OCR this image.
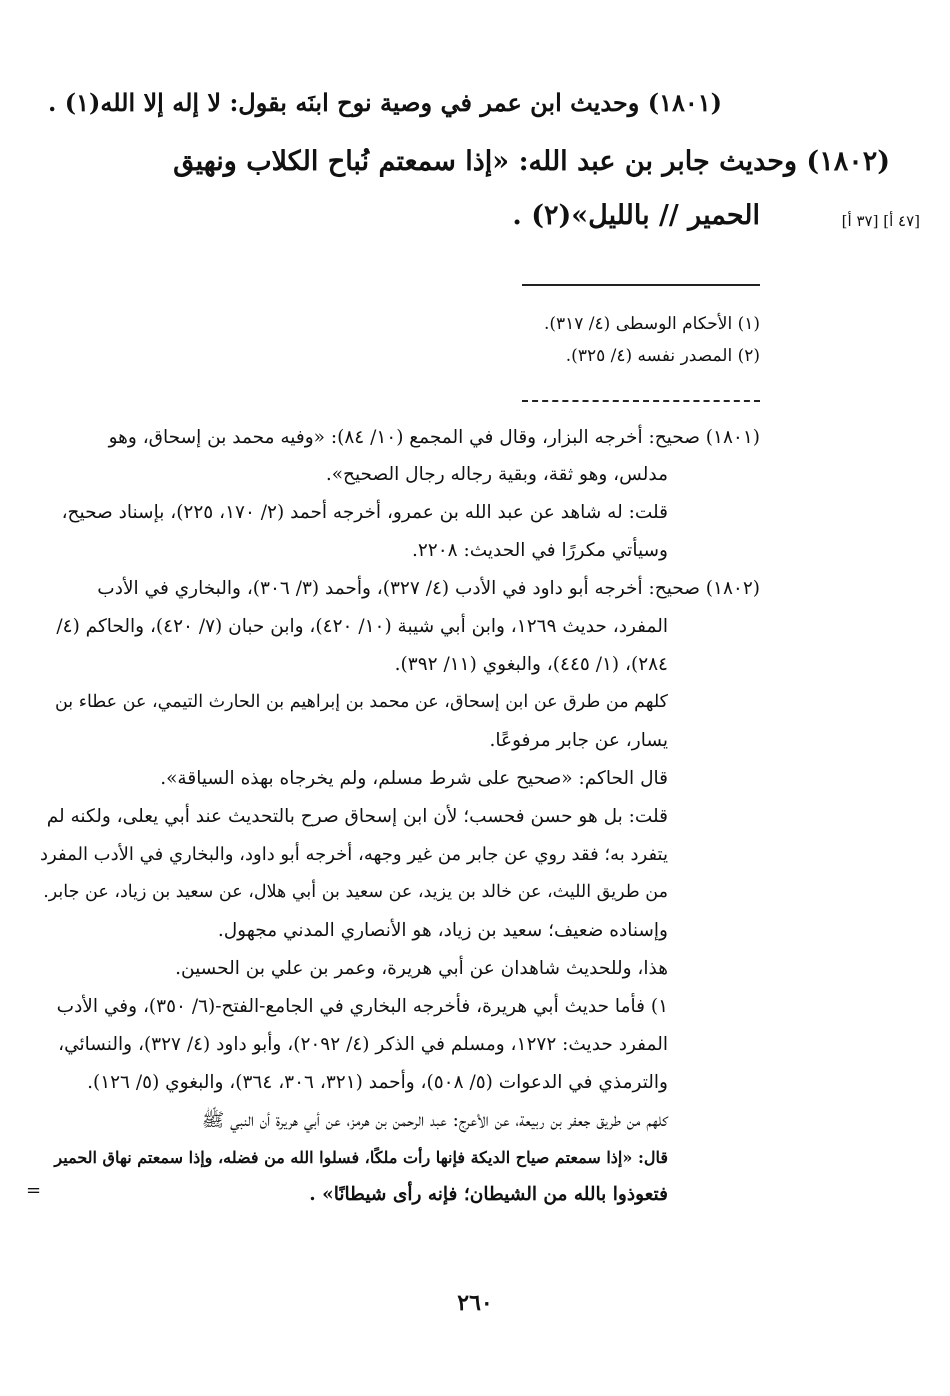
(١٨٠١) وحديث ابن عمر في وصية نوح ابنَه بقول: لا إله إلا الله(١) .
(١٨٠٢) وحديث جابر بن عبد الله: «إذا سمعتم نُباح الكلاب ونهيق
الحمير // بالليل»(٢) .	[٤٧ أ] [٣٧ أ]
(١) الأحكام الوسطى (٤/ ٣١٧).
(٢) المصدر نفسه (٤/ ٣٢٥).
(١٨٠١) صحيح: أخرجه البزار، وقال في المجمع (١٠/ ٨٤): «وفيه محمد بن إسحاق، وهو
مدلس، وهو ثقة، وبقية رجاله رجال الصحيح».
قلت: له شاهد عن عبد الله بن عمرو، أخرجه أحمد (٢/ ١٧٠، ٢٢٥)، بإسناد صحيح،
وسيأتي مكررًا في الحديث: ٢٢٠٨.
(١٨٠٢) صحيح: أخرجه أبو داود في الأدب (٤/ ٣٢٧)، وأحمد (٣/ ٣٠٦)، والبخاري في الأدب
المفرد، حديث ١٢٦٩، وابن أبي شيبة (١٠/ ٤٢٠)، وابن حبان (٧/ ٤٢٠)، والحاكم (٤/
٢٨٤)، (١/ ٤٤٥)، والبغوي (١١/ ٣٩٢).
كلهم من طرق عن ابن إسحاق، عن محمد بن إبراهيم بن الحارث التيمي، عن عطاء بن
يسار، عن جابر مرفوعًا.
قال الحاكم: «صحيح على شرط مسلم، ولم يخرجاه بهذه السياقة».
قلت: بل هو حسن فحسب؛ لأن ابن إسحاق صرح بالتحديث عند أبي يعلى، ولكنه لم
يتفرد به؛ فقد روي عن جابر من غير وجهه، أخرجه أبو داود، والبخاري في الأدب المفرد
من طريق الليث، عن خالد بن يزيد، عن سعيد بن أبي هلال، عن سعيد بن زياد، عن جابر.
وإسناده ضعيف؛ سعيد بن زياد، هو الأنصاري المدني مجهول.
هذا، وللحديث شاهدان عن أبي هريرة، وعمر بن علي بن الحسين.
١) فأما حديث أبي هريرة، فأخرجه البخاري في الجامع-الفتح-(٦/ ٣٥٠)، وفي الأدب
المفرد حديث: ١٢٧٢، ومسلم في الذكر (٤/ ٢٠٩٢)، وأبو داود (٤/ ٣٢٧)، والنسائي،
والترمذي في الدعوات (٥/ ٥٠٨)، وأحمد (٣٢١، ٣٠٦، ٣٦٤)، والبغوي (٥/ ١٢٦).
كلهم من طريق جعفر بن ربيعة، عن الأعرج: عبد الرحمن بن هرمز، عن أبي هريرة أن النبي ﷺ
قال: «إذا سمعتم صياح الديكة فإنها رأت ملكًا، فسلوا الله من فضله، وإذا سمعتم نهاق الحمير
فتعوذوا بالله من الشيطان؛ فإنه رأى شيطانًا» .
=
٢٦٠
